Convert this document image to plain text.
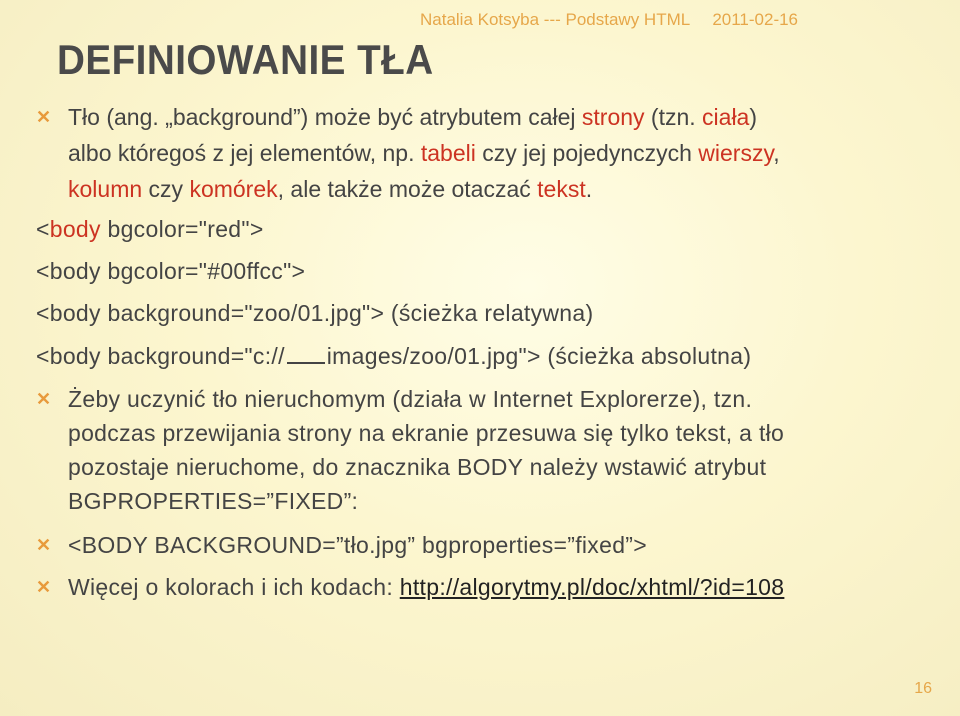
Natalia Kotsyba --- Podstawy HTML 2011-02-16
DEFINIOWANIE TŁA
✕ Tło (ang. „background”) może być atrybutem całej strony (tzn. ciała)
albo któregoś z jej elementów, np. tabeli czy jej pojedynczych wierszy,
kolumn czy komórek, ale także może otaczać tekst.
<body bgcolor="red">
<body bgcolor="#00ffcc">
<body background="zoo/01.jpg"> (ścieżka relatywna)
<body background="c:// images/zoo/01.jpg"> (ścieżka absolutna)
✕ Żeby uczynić tło nieruchomym (działa w Internet Explorerze), tzn.
podczas przewijania strony na ekranie przesuwa się tylko tekst, a tło
pozostaje nieruchome, do znacznika BODY należy wstawić atrybut
BGPROPERTIES=”FIXED”:
✕ <BODY BACKGROUND=”tło.jpg” bgproperties=”fixed”>
✕ Więcej o kolorach i ich kodach: http://algorytmy.pl/doc/xhtml/?id=108
16
